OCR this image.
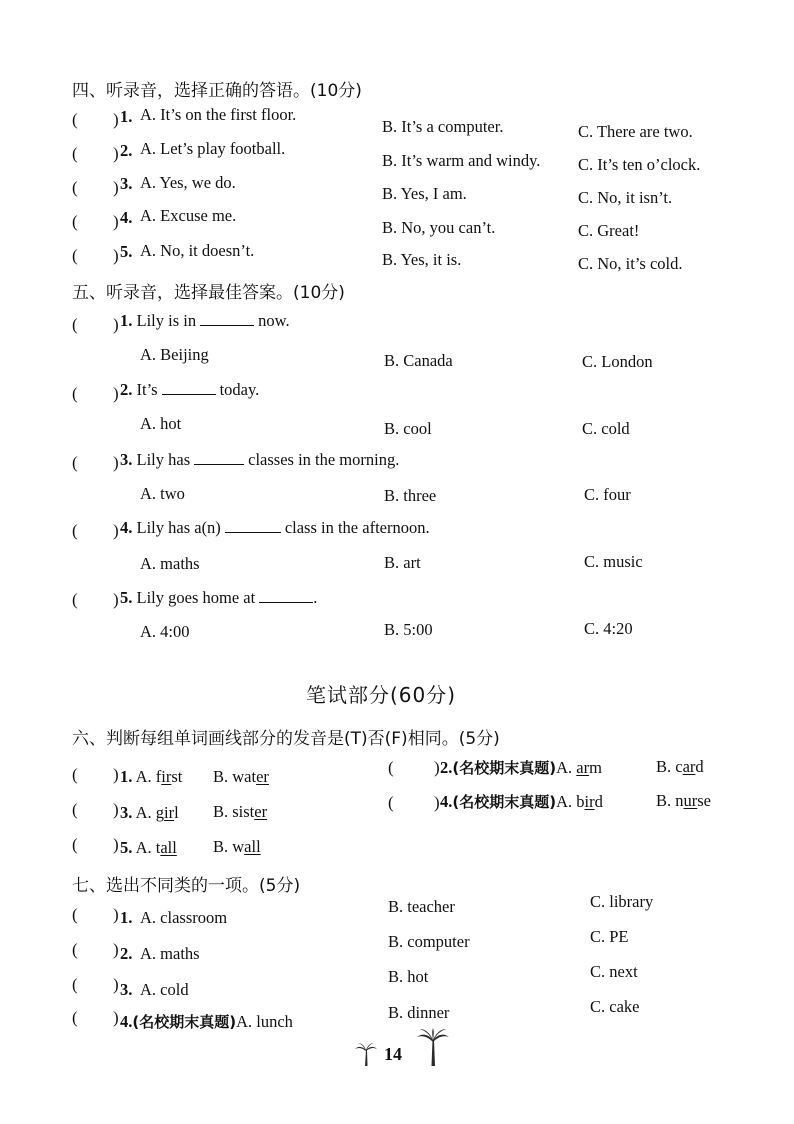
四、听录音，选择正确的答语。(10分)
( ) 1. A. It’s on the first floor.
B. It’s a computer.	C. There are two.
( ) 2. A. Let’s play football.
B. It’s warm and windy. C. It’s ten o’clock.
( ) 3. A. Yes, we do.
B. Yes, I am.	C. No, it isn’t.
( ) 4. A. Excuse me.
B. No, you can’t.	C. Great!
( ) 5. A. No, it doesn’t.	B. Yes, it is.	C. No, it’s cold.
五、听录音，选择最佳答案。(10分)
( ) 1. Lily is in	now.
A. Beijing	B. Canada	C. London
( ) 2. It’s	today.
A. hot	B. cool	C. cold
( ) 3. Lily has	classes in the morning.
A. two	B. three	C. four
( ) 4. Lily has a(n)	class in the afternoon.
A. maths	B. art	C. music
( ) 5. Lily goes home at	.
A. 4:00	B. 5:00	C. 4:20
笔试部分(60分)
六、判断每组单词画线部分的发音是(T)否(F)相同。(5分)
( ) 1. A. first B. water	( ) 2.(名校期末真题)A. arm	B. card
( ) 3. A. girl B. sister	( ) 4.(名校期末真题)A. bird	B. nurse
( ) 5. A. tall B. wall
七、选出不同类的一项。(5分)
( ) 1. A. classroom
B. teacher	C. library
( ) 2. A. maths
B. computer	C. PE
( ) 3. A. cold
B. hot	C. next
( ) 4.(名校期末真题)A. lunch	B. dinner	C. cake
14
